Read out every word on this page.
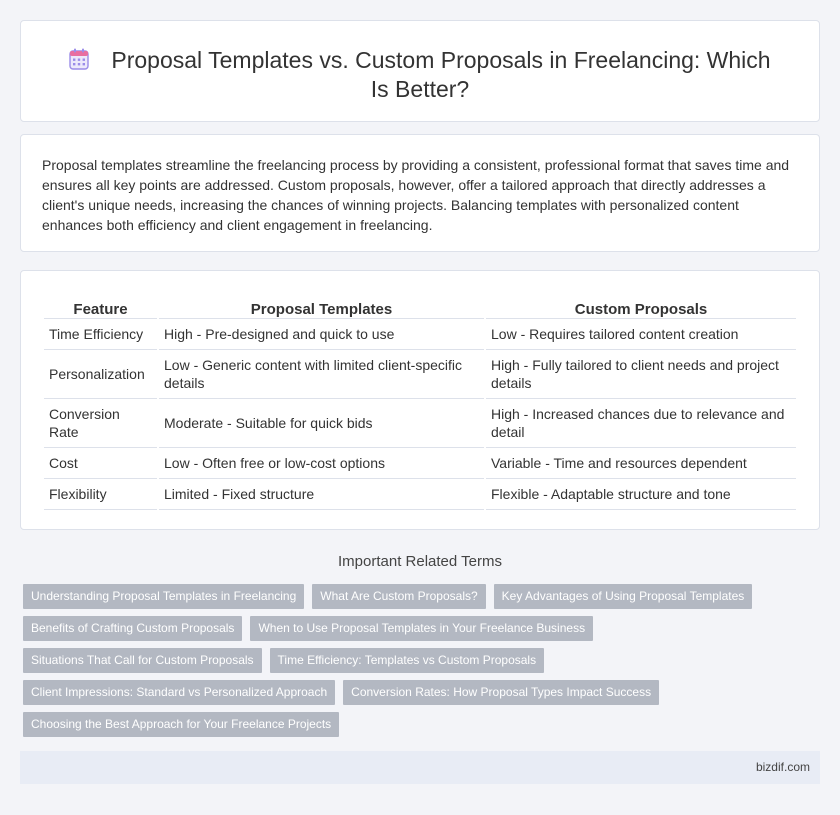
Proposal Templates vs. Custom Proposals in Freelancing: Which Is Better?

Proposal templates streamline the freelancing process by providing a consistent, professional format that saves time and ensures all key points are addressed. Custom proposals, however, offer a tailored approach that directly addresses a client's unique needs, increasing the chances of winning projects. Balancing templates with personalized content enhances both efficiency and client engagement in freelancing.

Feature	Proposal Templates	Custom Proposals
Time Efficiency	High - Pre-designed and quick to use	Low - Requires tailored content creation
Personalization	Low - Generic content with limited client-specific details	High - Fully tailored to client needs and project details
Conversion Rate	Moderate - Suitable for quick bids	High - Increased chances due to relevance and detail
Cost	Low - Often free or low-cost options	Variable - Time and resources dependent
Flexibility	Limited - Fixed structure	Flexible - Adaptable structure and tone
Important Related Terms
Understanding Proposal Templates in Freelancing	What Are Custom Proposals?	Key Advantages of Using Proposal Templates
Benefits of Crafting Custom Proposals	When to Use Proposal Templates in Your Freelance Business
Situations That Call for Custom Proposals	Time Efficiency: Templates vs Custom Proposals
Client Impressions: Standard vs Personalized Approach	Conversion Rates: How Proposal Types Impact Success
Choosing the Best Approach for Your Freelance Projects
bizdif.com
